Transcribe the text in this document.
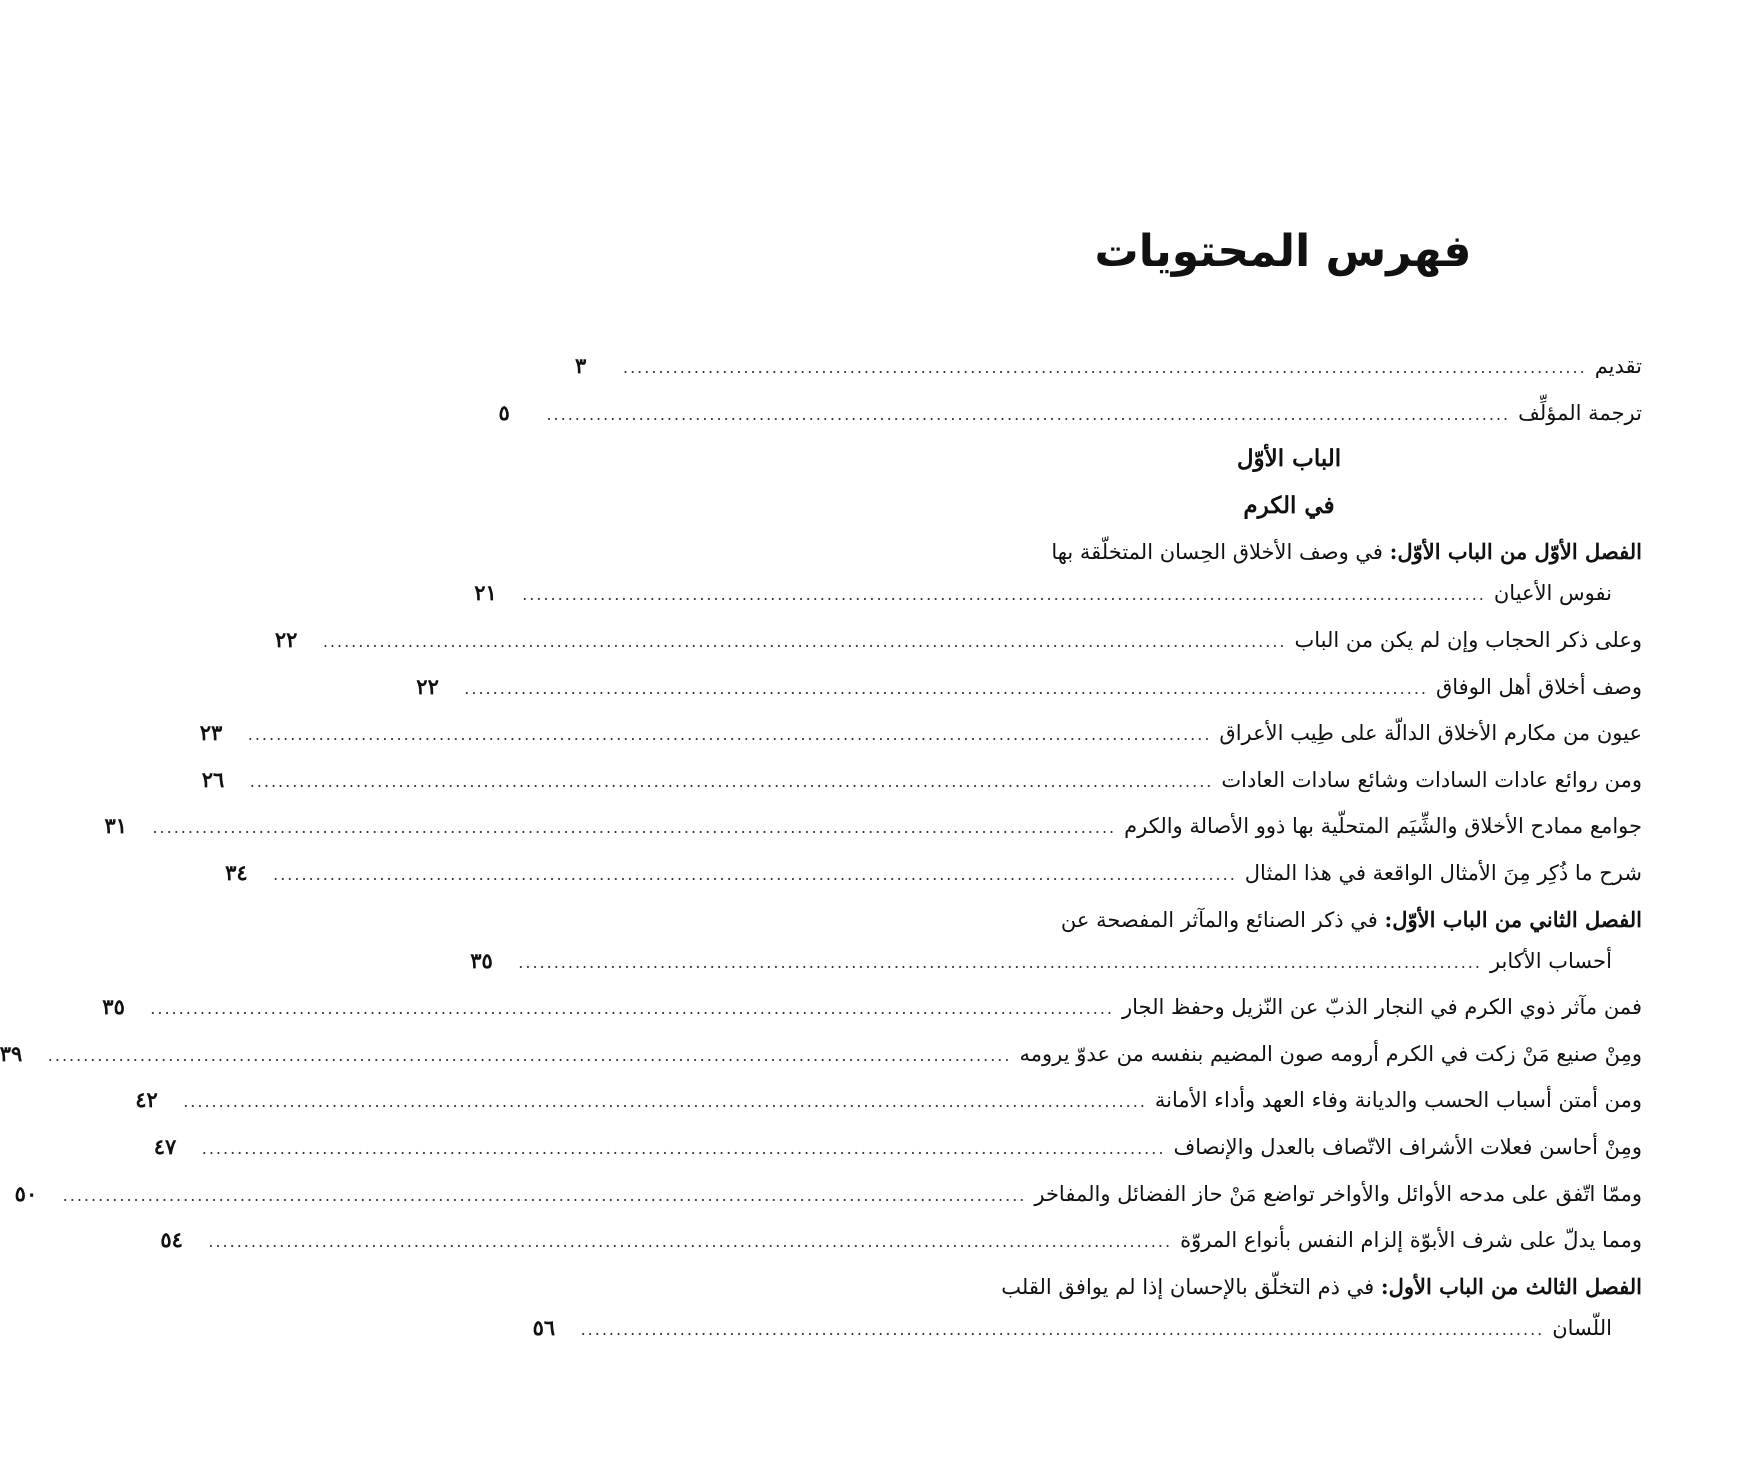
فهرس المحتويات
تقديم
........................................................................................................................................
٣
ترجمة المؤلِّف
........................................................................................................................................
٥
الباب الأوّل
في الكرم
الفصل الأوّل من الباب الأوّل: في وصف الأخلاق الحِسان المتخلّقة بها
نفوس الأعيان
........................................................................................................................................
٢١
وعلى ذكر الحجاب وإن لم يكن من الباب
........................................................................................................................................
٢٢
وصف أخلاق أهل الوفاق
........................................................................................................................................
٢٢
عيون من مكارم الأخلاق الدالّة على طِيب الأعراق
........................................................................................................................................
٢٣
ومن روائع عادات السادات وشائع سادات العادات
........................................................................................................................................
٢٦
جوامع ممادح الأخلاق والشِّيَم المتحلّية بها ذوو الأصالة والكرم
........................................................................................................................................
٣١
شرح ما ذُكِر مِنَ الأمثال الواقعة في هذا المثال
........................................................................................................................................
٣٤
الفصل الثاني من الباب الأوّل: في ذكر الصنائع والمآثر المفصحة عن
أحساب الأكابر
........................................................................................................................................
٣٥
فمن مآثر ذوي الكرم في النجار الذبّ عن النّزيل وحفظ الجار
........................................................................................................................................
٣٥
ومِنْ صنيع مَنْ زكت في الكرم أرومه صون المضيم بنفسه من عدوّ يرومه
........................................................................................................................................
٣٩
ومن أمتن أسباب الحسب والديانة وفاء العهد وأداء الأمانة
........................................................................................................................................
٤٢
ومِنْ أحاسن فعلات الأشراف الاتّصاف بالعدل والإنصاف
........................................................................................................................................
٤٧
وممّا اتّفق على مدحه الأوائل والأواخر تواضع مَنْ حاز الفضائل والمفاخر
........................................................................................................................................
٥٠
ومما يدلّ على شرف الأبوّة إلزام النفس بأنواع المروّة
........................................................................................................................................
٥٤
الفصل الثالث من الباب الأول: في ذم التخلّق بالإحسان إذا لم يوافق القلب
اللّسان
........................................................................................................................................
٥٦
